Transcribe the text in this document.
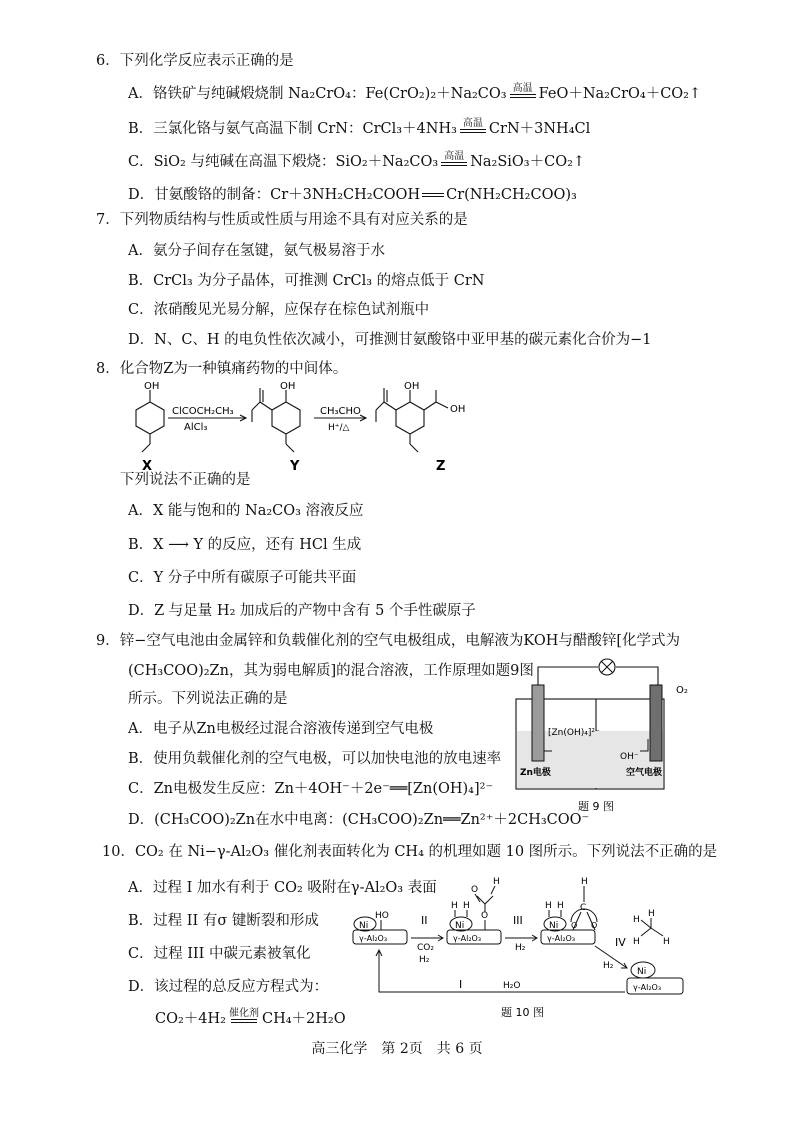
6．下列化学反应表示正确的是
A．铬铁矿与纯碱煅烧制 Na₂CrO₄：Fe(CrO₂)₂＋Na₂CO₃ 高温 FeO＋Na₂CrO₄＋CO₂↑
B．三氯化铬与氨气高温下制 CrN：CrCl₃＋4NH₃ 高温 CrN＋3NH₄Cl
C．SiO₂ 与纯碱在高温下煅烧：SiO₂＋Na₂CO₃ 高温 Na₂SiO₃＋CO₂↑
D．甘氨酸铬的制备：Cr＋3NH₂CH₂COOH Cr(NH₂CH₂COO)₃
7．下列物质结构与性质或性质与用途不具有对应关系的是
A．氨分子间存在氢键，氨气极易溶于水
B．CrCl₃ 为分子晶体，可推测 CrCl₃ 的熔点低于 CrN
C．浓硝酸见光易分解，应保存在棕色试剂瓶中
D．N、C、H 的电负性依次减小，可推测甘氨酸铬中亚甲基的碳元素化合价为−1
8．化合物Z为一种镇痛药物的中间体。
OH	OH	OH
OH
ClCOCH₂CH₃
AlCl₃
CH₃CHO
H⁺/△
X	Y	Z
下列说法不正确的是
A．X 能与饱和的 Na₂CO₃ 溶液反应
B．X ⟶ Y 的反应，还有 HCl 生成
C．Y 分子中所有碳原子可能共平面
D．Z 与足量 H₂ 加成后的产物中含有 5 个手性碳原子
9．锌−空气电池由金属锌和负载催化剂的空气电极组成，电解液为KOH与醋酸锌[化学式为
(CH₃COO)₂Zn，其为弱电解质]的混合溶液，工作原理如题9图
所示。下列说法正确的是
A．电子从Zn电极经过混合溶液传递到空气电极
B．使用负载催化剂的空气电极，可以加快电池的放电速率
C．Zn电极发生反应：Zn＋4OH⁻＋2e⁻══[Zn(OH)₄]²⁻
D．(CH₃COO)₂Zn在水中电离：(CH₃COO)₂Zn══Zn²⁺＋2CH₃COO⁻
O₂
[Zn(OH)₄]²⁻
OH⁻
Zn电极	空气电极
题 9 图
10．CO₂ 在 Ni−γ-Al₂O₃ 催化剂表面转化为 CH₄ 的机理如题 10 图所示。下列说法不正确的是
A．过程 I 加水有利于 CO₂ 吸附在γ-Al₂O₃ 表面
B．过程 II 有σ 键断裂和形成
C．过程 III 中碳元素被氧化
D．该过程的总反应方程式为：
CO₂＋4H₂ 催化剂 CH₄＋2H₂O
Ni
γ-Al₂O₃
HO	II
CO₂
H₂
Ni
γ-Al₂O₃
H H
O
O
H
III
H₂
Ni
γ-Al₂O₃
H H
H
C
O O
IV
H₂
H
H
H	H
Ni
γ-Al₂O₃
I	H₂O
题 10 图
高三化学　第 2页　共 6 页
